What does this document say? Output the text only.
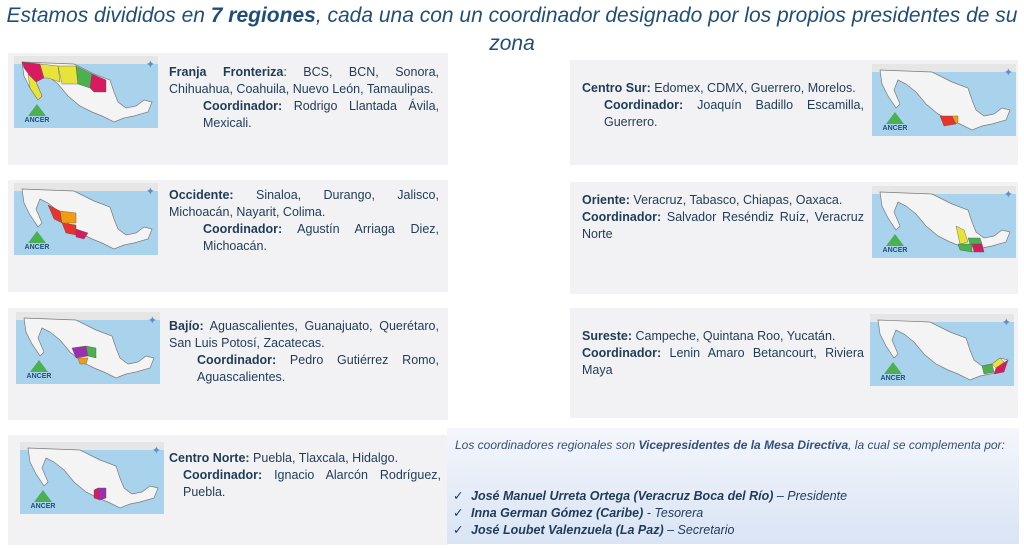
Estamos divididos en 7 regiones, cada una con un coordinador designado por los propios presidentes de su zona
✦
ANCER
✦
ANCER
✦
ANCER
✦
ANCER
✦
ANCER
✦
ANCER
✦
ANCER
Franja Fronteriza: BCS, BCN, Sonora, Chihuahua, Coahuila, Nuevo León, Tamaulipas.
Coordinador: Rodrigo Llantada Ávila, Mexicali.
Occidente: Sinaloa, Durango, Jalisco, Michoacán, Nayarit, Colima.
Coordinador: Agustín Arriaga Diez, Michoacán.
Bajío: Aguascalientes, Guanajuato, Querétaro, San Luis Potosí, Zacatecas.
Coordinador: Pedro Gutiérrez Romo, Aguascalientes.
Centro Norte: Puebla, Tlaxcala, Hidalgo.
Coordinador: Ignacio Alarcón Rodríguez, Puebla.
Centro Sur: Edomex, CDMX, Guerrero, Morelos.
Coordinador: Joaquín Badillo Escamilla, Guerrero.
Oriente: Veracruz, Tabasco, Chiapas, Oaxaca.
Coordinador: Salvador Reséndiz Ruíz, Veracruz Norte
Sureste: Campeche, Quintana Roo, Yucatán.
Coordinador: Lenin Amaro Betancourt, Riviera Maya
Los coordinadores regionales son Vicepresidentes de la Mesa Directiva, la cual se complementa por:
✓ José Manuel Urreta Ortega (Veracruz Boca del Río) – Presidente
✓ Inna German Gómez (Caribe) - Tesorera
✓ José Loubet Valenzuela (La Paz) – Secretario
